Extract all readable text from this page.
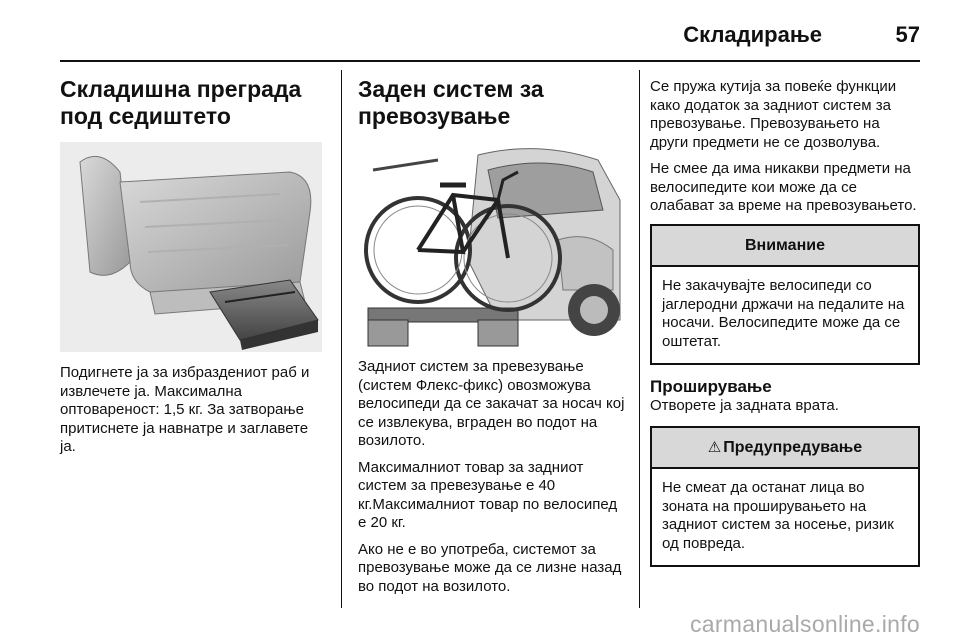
Складирање	57
Складишна преграда под седиштето

Подигнете ја за избраздениот раб и извлечете ја. Максимална оптовареност: 1,5 кг. За затворање притиснете ја навнатре и заглавете ја.

Заден систем за превозување

Задниот систем за превезување (систем Флекс-фикс) овозможува велосипеди да се закачат за носач кој се извлекува, вграден во подот на возилото.

Максималниот товар за задниот систем за превезување е 40 кг.Максималниот товар по велосипед е 20 кг.

Ако не е во употреба, системот за превозување може да се лизне назад во подот на возилото.

Се пружа кутија за повеќе функции како додаток за задниот систем за превозување. Превозувањето на други предмети не се дозволува.

Не смее да има никакви предмети на велосипедите кои може да се олабават за време на превозувањето.

Внимание
Не закачувајте велосипеди со јаглеродни држачи на педалите на носачи. Велосипедите може да се оштетат.
Проширување

Отворете ја задната врата.

⚠ Предупредување
Не смеат да останат лица во зоната на проширувањето на задниот систем за носење, ризик од повреда.
carmanualsonline.info
